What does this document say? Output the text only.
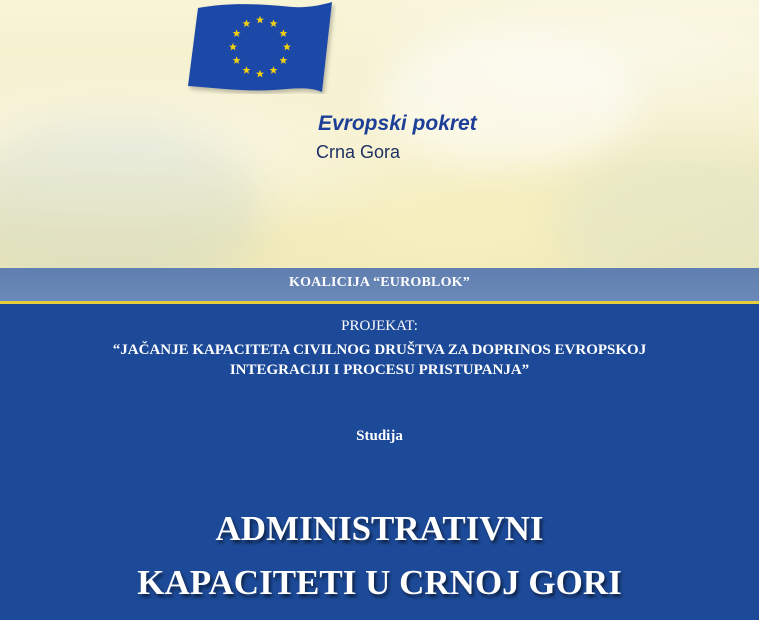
Evropski pokret
Crna Gora
KOALICIJA “EUROBLOK”
PROJEKAT:
“JAČANJE KAPACITETA CIVILNOG DRUŠTVA ZA DOPRINOS EVROPSKOJ
INTEGRACIJI I PROCESU PRISTUPANJA”
Studija
ADMINISTRATIVNI
KAPACITETI U CRNOJ GORI
